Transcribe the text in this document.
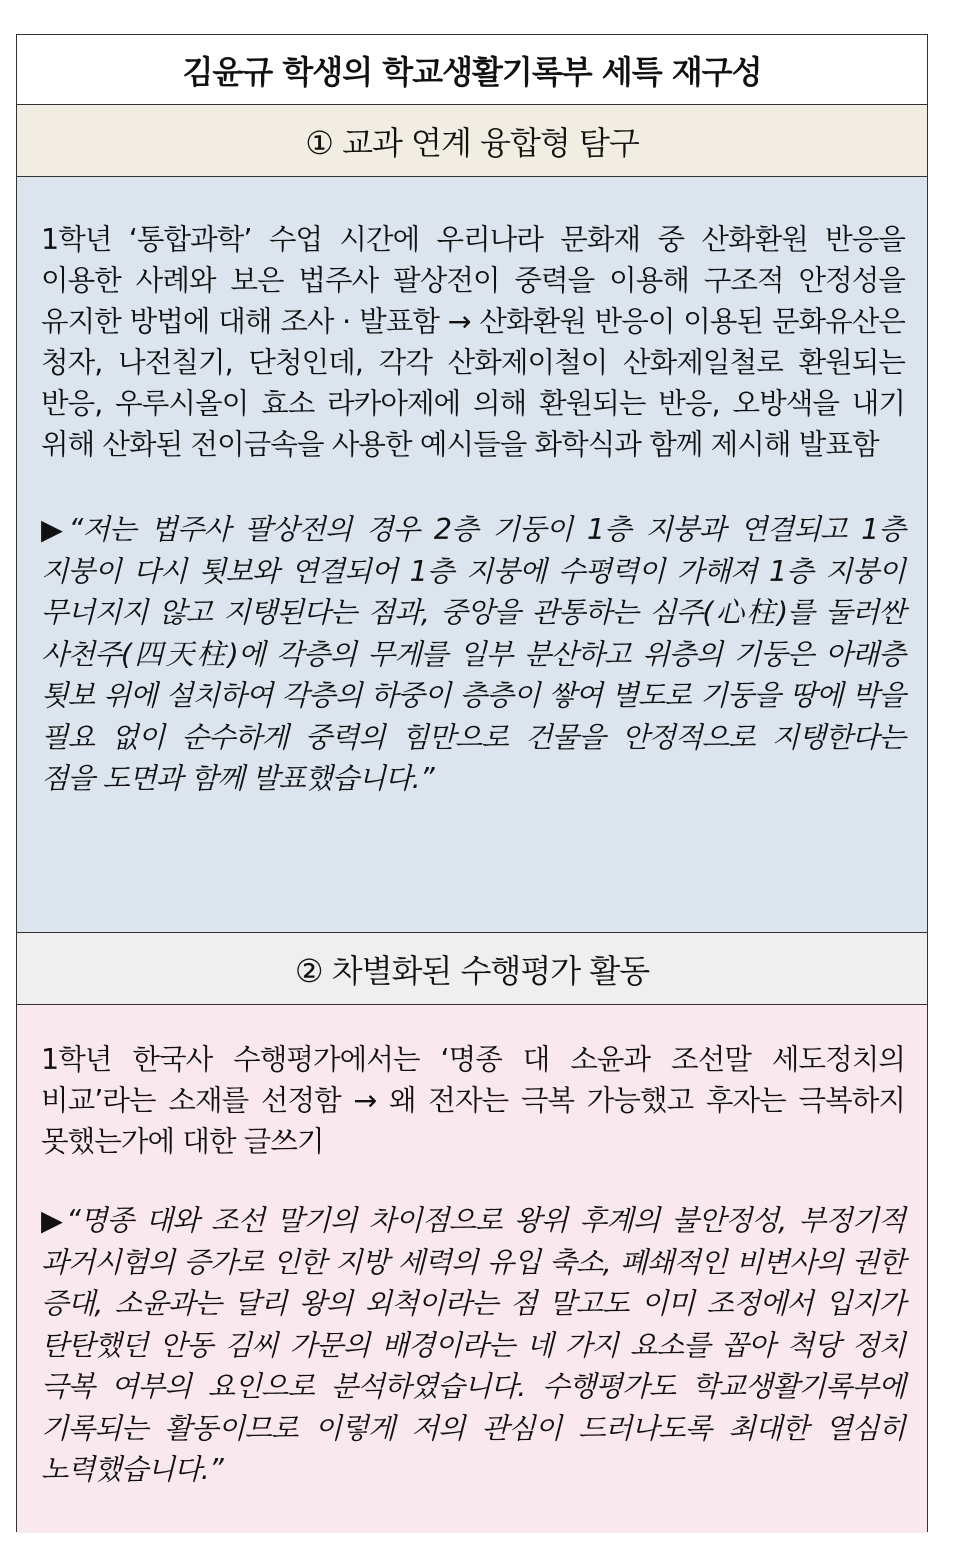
김윤규 학생의 학교생활기록부 세특 재구성
① 교과 연계 융합형 탐구

1학년 ‘통합과학’ 수업 시간에 우리나라 문화재 중 산화환원 반응을 이용한 사례와 보은 법주사 팔상전이 중력을 이용해 구조적 안정성을 유지한 방법에 대해 조사 · 발표함 → 산화환원 반응이 이용된 문화유산은 청자, 나전칠기, 단청인데, 각각 산화제이철이 산화제일철로 환원되는 반응, 우루시올이 효소 라카아제에 의해 환원되는 반응, 오방색을 내기 위해 산화된 전이금속을 사용한 예시들을 화학식과 함께 제시해 발표함

▶“저는 법주사 팔상전의 경우 2층 기둥이 1층 지붕과 연결되고 1층 지붕이 다시 툇보와 연결되어 1층 지붕에 수평력이 가해져 1층 지붕이 무너지지 않고 지탱된다는 점과, 중앙을 관통하는 심주(心柱)를 둘러싼 사천주(四天柱)에 각층의 무게를 일부 분산하고 위층의 기둥은 아래층 툇보 위에 설치하여 각층의 하중이 층층이 쌓여 별도로 기둥을 땅에 박을 필요 없이 순수하게 중력의 힘만으로 건물을 안정적으로 지탱한다는 점을 도면과 함께 발표했습니다.”

② 차별화된 수행평가 활동

1학년 한국사 수행평가에서는 ‘명종 대 소윤과 조선말 세도정치의 비교’라는 소재를 선정함 → 왜 전자는 극복 가능했고 후자는 극복하지 못했는가에 대한 글쓰기

▶“명종 대와 조선 말기의 차이점으로 왕위 후계의 불안정성, 부정기적 과거시험의 증가로 인한 지방 세력의 유입 축소, 폐쇄적인 비변사의 권한 증대, 소윤과는 달리 왕의 외척이라는 점 말고도 이미 조정에서 입지가 탄탄했던 안동 김씨 가문의 배경이라는 네 가지 요소를 꼽아 척당 정치 극복 여부의 요인으로 분석하였습니다. 수행평가도 학교생활기록부에 기록되는 활동이므로 이렇게 저의 관심이 드러나도록 최대한 열심히 노력했습니다.”
